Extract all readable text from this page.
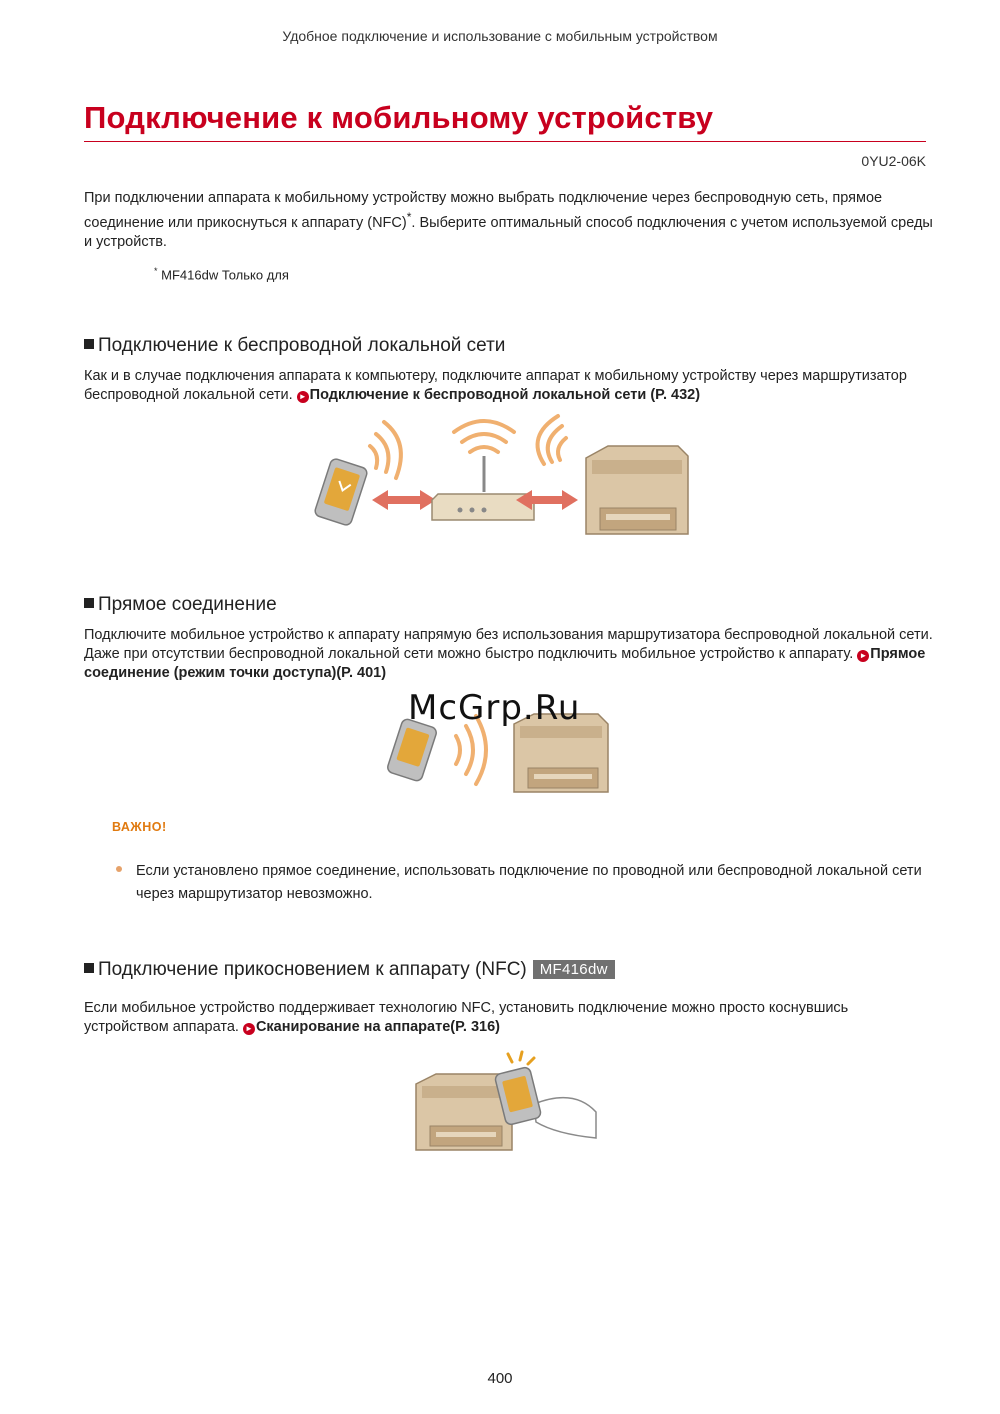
Удобное подключение и использование с мобильным устройством
Подключение к мобильному устройству
0YU2-06K
При подключении аппарата к мобильному устройству можно выбрать подключение через беспроводную сеть, прямое соединение или прикоснуться к аппарату (NFC)*. Выберите оптимальный способ подключения с учетом используемой среды и устройств.
* MF416dw Только для
Подключение к беспроводной локальной сети
Как и в случае подключения аппарата к компьютеру, подключите аппарат к мобильному устройству через маршрутизатор беспроводной локальной сети. ► Подключение к беспроводной локальной сети (P. 432)
Прямое соединение
Подключите мобильное устройство к аппарату напрямую без использования маршрутизатора беспроводной локальной сети. Даже при отсутствии беспроводной локальной сети можно быстро подключить мобильное устройство к аппарату. ► Прямое соединение (режим точки доступа)(P. 401)
McGrp.Ru
ВАЖНО!
Если установлено прямое соединение, использовать подключение по проводной или беспроводной локальной сети через маршрутизатор невозможно.
Подключение прикосновением к аппарату (NFC) MF416dw
Если мобильное устройство поддерживает технологию NFC, установить подключение можно просто коснувшись устройством аппарата. ► Сканирование на аппарате(P. 316)
400
